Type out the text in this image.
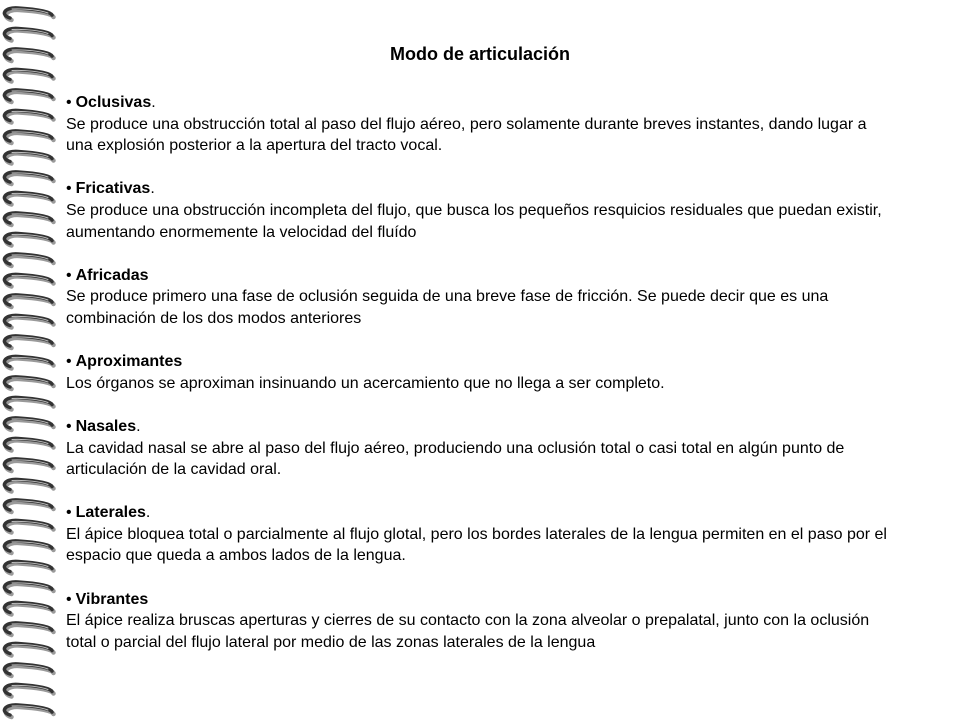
Modo de articulación
• Oclusivas.
Se produce una obstrucción total al paso del flujo aéreo, pero solamente durante breves instantes, dando lugar a una explosión posterior a la apertura del tracto vocal.
• Fricativas.
Se produce una obstrucción incompleta del flujo, que busca los pequeños resquicios residuales que puedan existir, aumentando enormemente la velocidad del fluído
• Africadas
Se produce primero una fase de oclusión seguida de una breve fase de fricción. Se puede decir que es una combinación de los dos modos anteriores
• Aproximantes
Los órganos se aproximan insinuando un acercamiento que no llega a ser completo.
• Nasales.
La cavidad nasal se abre al paso del flujo aéreo, produciendo una oclusión total o casi total en algún punto de articulación de la cavidad oral.
• Laterales.
El ápice bloquea total o parcialmente al flujo glotal, pero los bordes laterales de la lengua permiten en el paso por el espacio que queda a ambos lados de la lengua.
• Vibrantes
El ápice realiza bruscas aperturas y cierres de su contacto con la zona alveolar o prepalatal, junto con la oclusión total o parcial del flujo lateral por medio de las zonas laterales de la lengua
